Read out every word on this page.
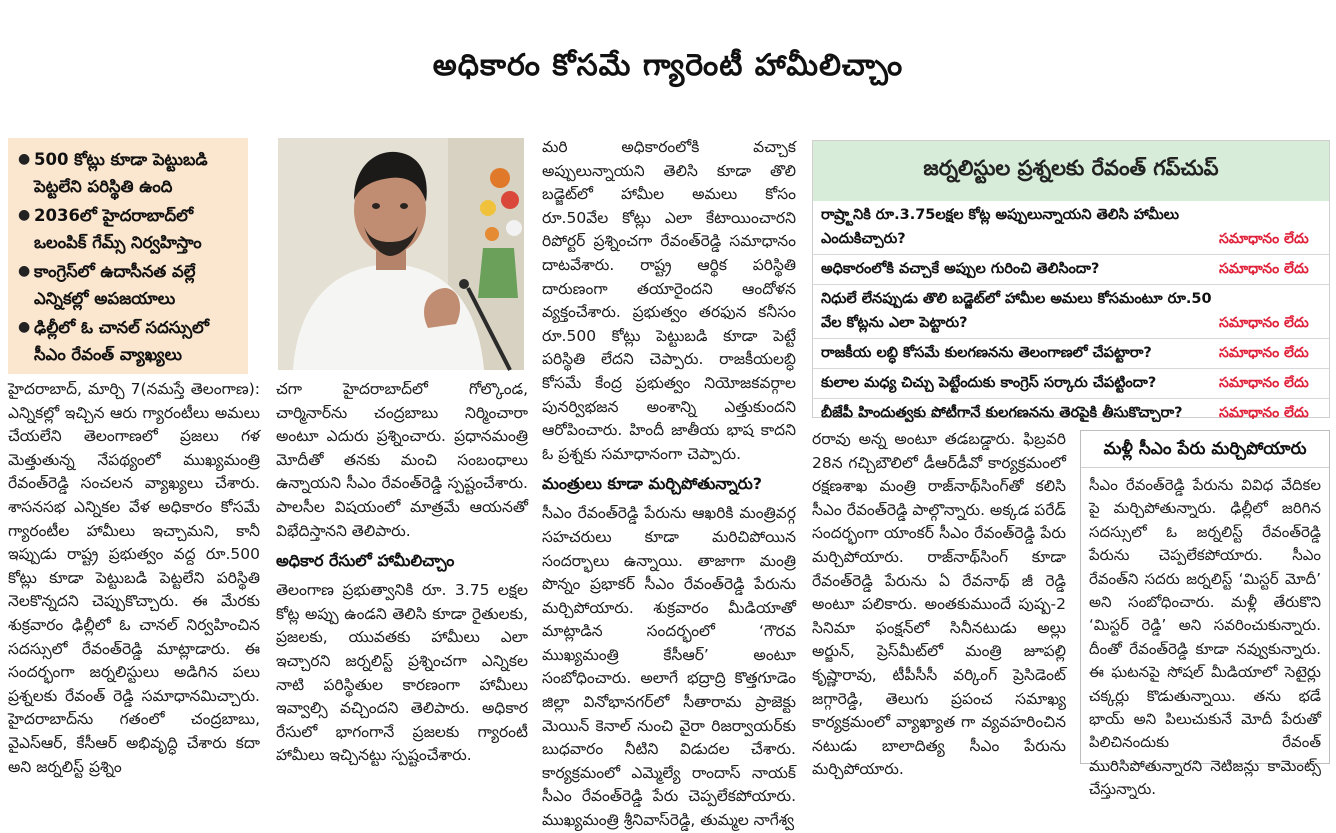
అధికారం కోసమే గ్యారెంటీ హామీలిచ్చాం
● 500 కోట్లు కూడా పెట్టుబడి పెట్టలేని పరిస్థితి ఉంది
● 2036లో హైదరాబాద్‌లో ఒలంపిక్ గేమ్స్ నిర్వహిస్తాం
● కాంగ్రెస్‌లో ఉదాసీనత వల్లే ఎన్నికల్లో అపజయాలు
● ఢిల్లీలో ఓ చానల్ సదస్సులో సీఎం రేవంత్ వ్యాఖ్యలు

హైదరాబాద్, మార్చి 7(నమస్తే తెలంగాణ): ఎన్నికల్లో ఇచ్చిన ఆరు గ్యారంటీలు అమలు చేయలేని తెలంగాణలో ప్రజలు గళ మెత్తుతున్న నేపథ్యంలో ముఖ్యమంత్రి రేవంత్‌రెడ్డి సంచలన వ్యాఖ్యలు చేశారు. శాసనసభ ఎన్నికల వేళ అధికారం కోసమే గ్యారంటీల హామీలు ఇచ్చామని, కానీ ఇప్పుడు రాష్ట్ర ప్రభుత్వం వద్ద రూ.500 కోట్లు కూడా పెట్టుబడి పెట్టలేని పరిస్థితి నెలకొన్నదని చెప్పుకొచ్చారు. ఈ మేరకు శుక్రవారం ఢిల్లీలో ఓ చానల్ నిర్వహించిన సదస్సులో రేవంత్‌రెడ్డి మాట్లాడారు. ఈ సందర్భంగా జర్నలిస్టులు అడిగిన పలు ప్రశ్నలకు రేవంత్‌ రెడ్డి సమాధానమిచ్చారు. హైదరాబాద్‌ను గతంలో చంద్రబాబు, వైఎస్‌ఆర్, కేసీఆర్‌ అభివృద్ధి చేశారు కదా అని జర్నలిస్ట్ ప్రశ్నిం

చగా హైదరాబాద్‌లో గోల్కొండ, చార్మినార్‌ను చంద్రబాబు నిర్మించారా అంటూ ఎదురు ప్రశ్నించారు. ప్రధానమంత్రి మోదీతో తనకు మంచి సంబంధాలు ఉన్నాయని సీఎం రేవంత్‌రెడ్డి స్పష్టంచేశారు. పాలసీల విషయంలో మాత్రమే ఆయనతో విభేదిస్తానని తెలిపారు.

అధికార రేసులో హామీలిచ్చాం

తెలంగాణ ప్రభుత్వానికి రూ. 3.75 లక్షల కోట్ల అప్పు ఉండని తెలిసి కూడా రైతులకు, ప్రజలకు, యువతకు హామీలు ఎలా ఇచ్చారని జర్నలిస్ట్ ప్రశ్నించగా ఎన్నికల నాటి పరిస్థితుల కారణంగా హామీలు ఇవ్వాల్సి వచ్చిందని తెలిపారు. అధికార రేసులో భాగంగానే ప్రజలకు గ్యారంటీ హామీలు ఇచ్చినట్టు స్పష్టంచేశారు.

మరి అధికారంలోకి వచ్చాక అప్పులున్నాయని తెలిసి కూడా తొలి బడ్జెట్‌లో హామీల అమలు కోసం రూ.50వేల కోట్లు ఎలా కేటాయించారని రిపోర్టర్ ప్రశ్నించగా రేవంత్‌రెడ్డి సమాధానం దాటవేశారు. రాష్ట్ర ఆర్థిక పరిస్థితి దారుణంగా తయారైందని ఆందోళన వ్యక్తంచేశారు. ప్రభుత్వం తరఫున కనీసం రూ.500 కోట్లు పెట్టుబడి కూడా పెట్టే పరిస్థితి లేదని చెప్పారు. రాజకీయలబ్ధి కోసమే కేంద్ర ప్రభుత్వం నియోజకవర్గాల పునర్విభజన అంశాన్ని ఎత్తుకుందని ఆరోపించారు. హిందీ జాతీయ భాష కాదని ఓ ప్రశ్నకు సమాధానంగా చెప్పారు.

మంత్రులు కూడా మర్చిపోతున్నారు?

సీఎం రేవంత్‌రెడ్డి పేరును ఆఖరికి మంత్రివర్గ సహచరులు కూడా మరిచిపోయిన సందర్భాలు ఉన్నాయి. తాజాగా మంత్రి పొన్నం ప్రభాకర్ సీఎం రేవంత్‌రెడ్డి పేరును మర్చిపోయారు. శుక్రవారం మీడియాతో మాట్లాడిన సందర్భంలో ‘గౌరవ ముఖ్యమంత్రి కేసీఆర్’ అంటూ సంబోధించారు. అలాగే భద్రాద్రి కొత్తగూడెం జిల్లా వినోభానగర్‌లో సీతారామ ప్రాజెక్టు మెయిన్ కెనాల్ నుంచి వైరా రిజర్వాయర్‌కు బుధవారం నీటిని విడుదల చేశారు. కార్యక్రమంలో ఎమ్మెల్యే రాందాస్ నాయక్ సీఎం రేవంత్‌రెడ్డి పేరు చెప్పలేకపోయారు. ముఖ్యమంత్రి శ్రీనివాస్‌రెడ్డి, తుమ్మల నాగేశ్వ

జర్నలిస్టుల ప్రశ్నలకు రేవంత్ గప్‌చుప్
రాష్ర్టానికి రూ.3.75లక్షల కోట్ల అప్పులున్నాయని తెలిసి హామీలు ఎందుకిచ్చారు?	సమాధానం లేదు
అధికారంలోకి వచ్చాకే అప్పుల గురించి తెలిసిందా?	సమాధానం లేదు
నిధులే లేనప్పుడు తొలి బడ్జెట్‌లో హామీల అమలు కోసమంటూ రూ.50 వేల కోట్లను ఎలా పెట్టారు?	సమాధానం లేదు
రాజకీయ లబ్ధి కోసమే కులగణనను తెలంగాణలో చేపట్టారా?	సమాధానం లేదు
కులాల మధ్య చిచ్చు పెట్టేందుకు కాంగ్రెస్ సర్కారు చేపట్టిందా?	సమాధానం లేదు
బీజేపీ హిందుత్వకు పోటీగానే కులగణనను తెరపైకి తీసుకొచ్చారా?	సమాధానం లేదు

రరావు అన్న అంటూ తడబడ్డారు. ఫిబ్రవరి 28న గచ్చిబౌలిలో డీఆర్‌డీవో కార్యక్రమంలో రక్షణశాఖ మంత్రి రాజ్‌నాథ్‌సింగ్‌తో కలిసి సీఎం రేవంత్‌రెడ్డి పాల్గొన్నారు. అక్కడ పరేడ్ సందర్భంగా యాంకర్ సీఎం రేవంత్‌రెడ్డి పేరు మర్చిపోయారు. రాజ్‌నాథ్‌సింగ్ కూడా రేవంత్‌రెడ్డి పేరును ఏ రేవనాథ్ జీ రెడ్డి అంటూ పలికారు. అంతకుముందే పుష్ప-2 సినిమా ఫంక్షన్‌లో సినీనటుడు అల్లు అర్జున్, ప్రెస్‌మీట్‌లో మంత్రి జూపల్లి కృష్ణారావు, టీపీసీసీ వర్కింగ్ ప్రెసిడెంట్ జగ్గారెడ్డి, తెలుగు ప్రపంచ సమాఖ్య కార్యక్రమంలో వ్యాఖ్యాత గా వ్యవహరించిన నటుడు బాలాదిత్య సీఎం పేరును మర్చిపోయారు.

మళ్లీ సీఎం పేరు మర్చిపోయారు

సీఎం రేవంత్‌రెడ్డి పేరును వివిధ వేదికల పై మర్చిపోతున్నారు. ఢిల్లీలో జరిగిన సదస్సులో ఓ జర్నలిస్ట్ రేవంత్‌రెడ్డి పేరును చెప్పలేకపోయారు. సీఎం రేవంత్‌ని సదరు జర్నలిస్ట్ ‘మిస్టర్ మోదీ’ అని సంబోధించారు. మళ్లీ తేరుకొని ‘మిస్టర్ రెడ్డి’ అని సవరించుకున్నారు. దీంతో రేవంత్‌రెడ్డి కూడా నవ్వుకున్నారు. ఈ ఘటనపై సోషల్ మీడియాలో సెటైర్లు చక్కర్లు కొడుతున్నాయి. తను భడే భాయ్ అని పిలుచుకునే మోదీ పేరుతో పిలిచినందుకు రేవంత్ మురిసిపోతున్నారని నెటిజన్లు కామెంట్స్ చేస్తున్నారు.
